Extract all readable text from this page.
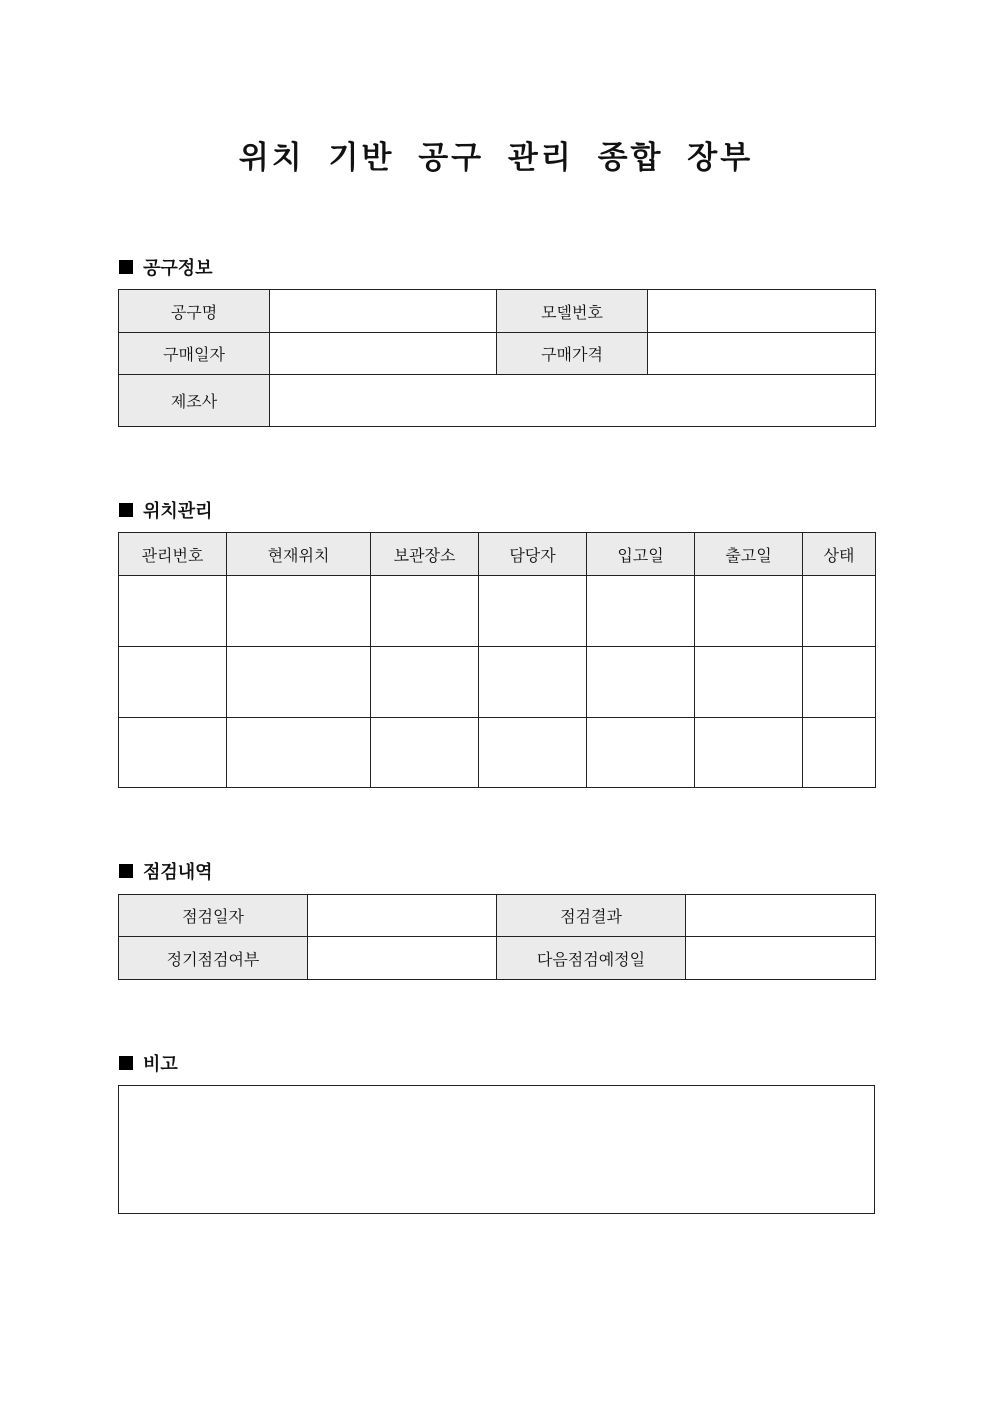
위치 기반 공구 관리 종합 장부
공구정보
공구명		모델번호	
구매일자		구매가격	
제조사			
위치관리
관리번호	현재위치	보관장소	담당자	입고일	출고일	상태

점검내역
점검일자		점검결과	
정기점검여부		다음점검예정일	
비고
